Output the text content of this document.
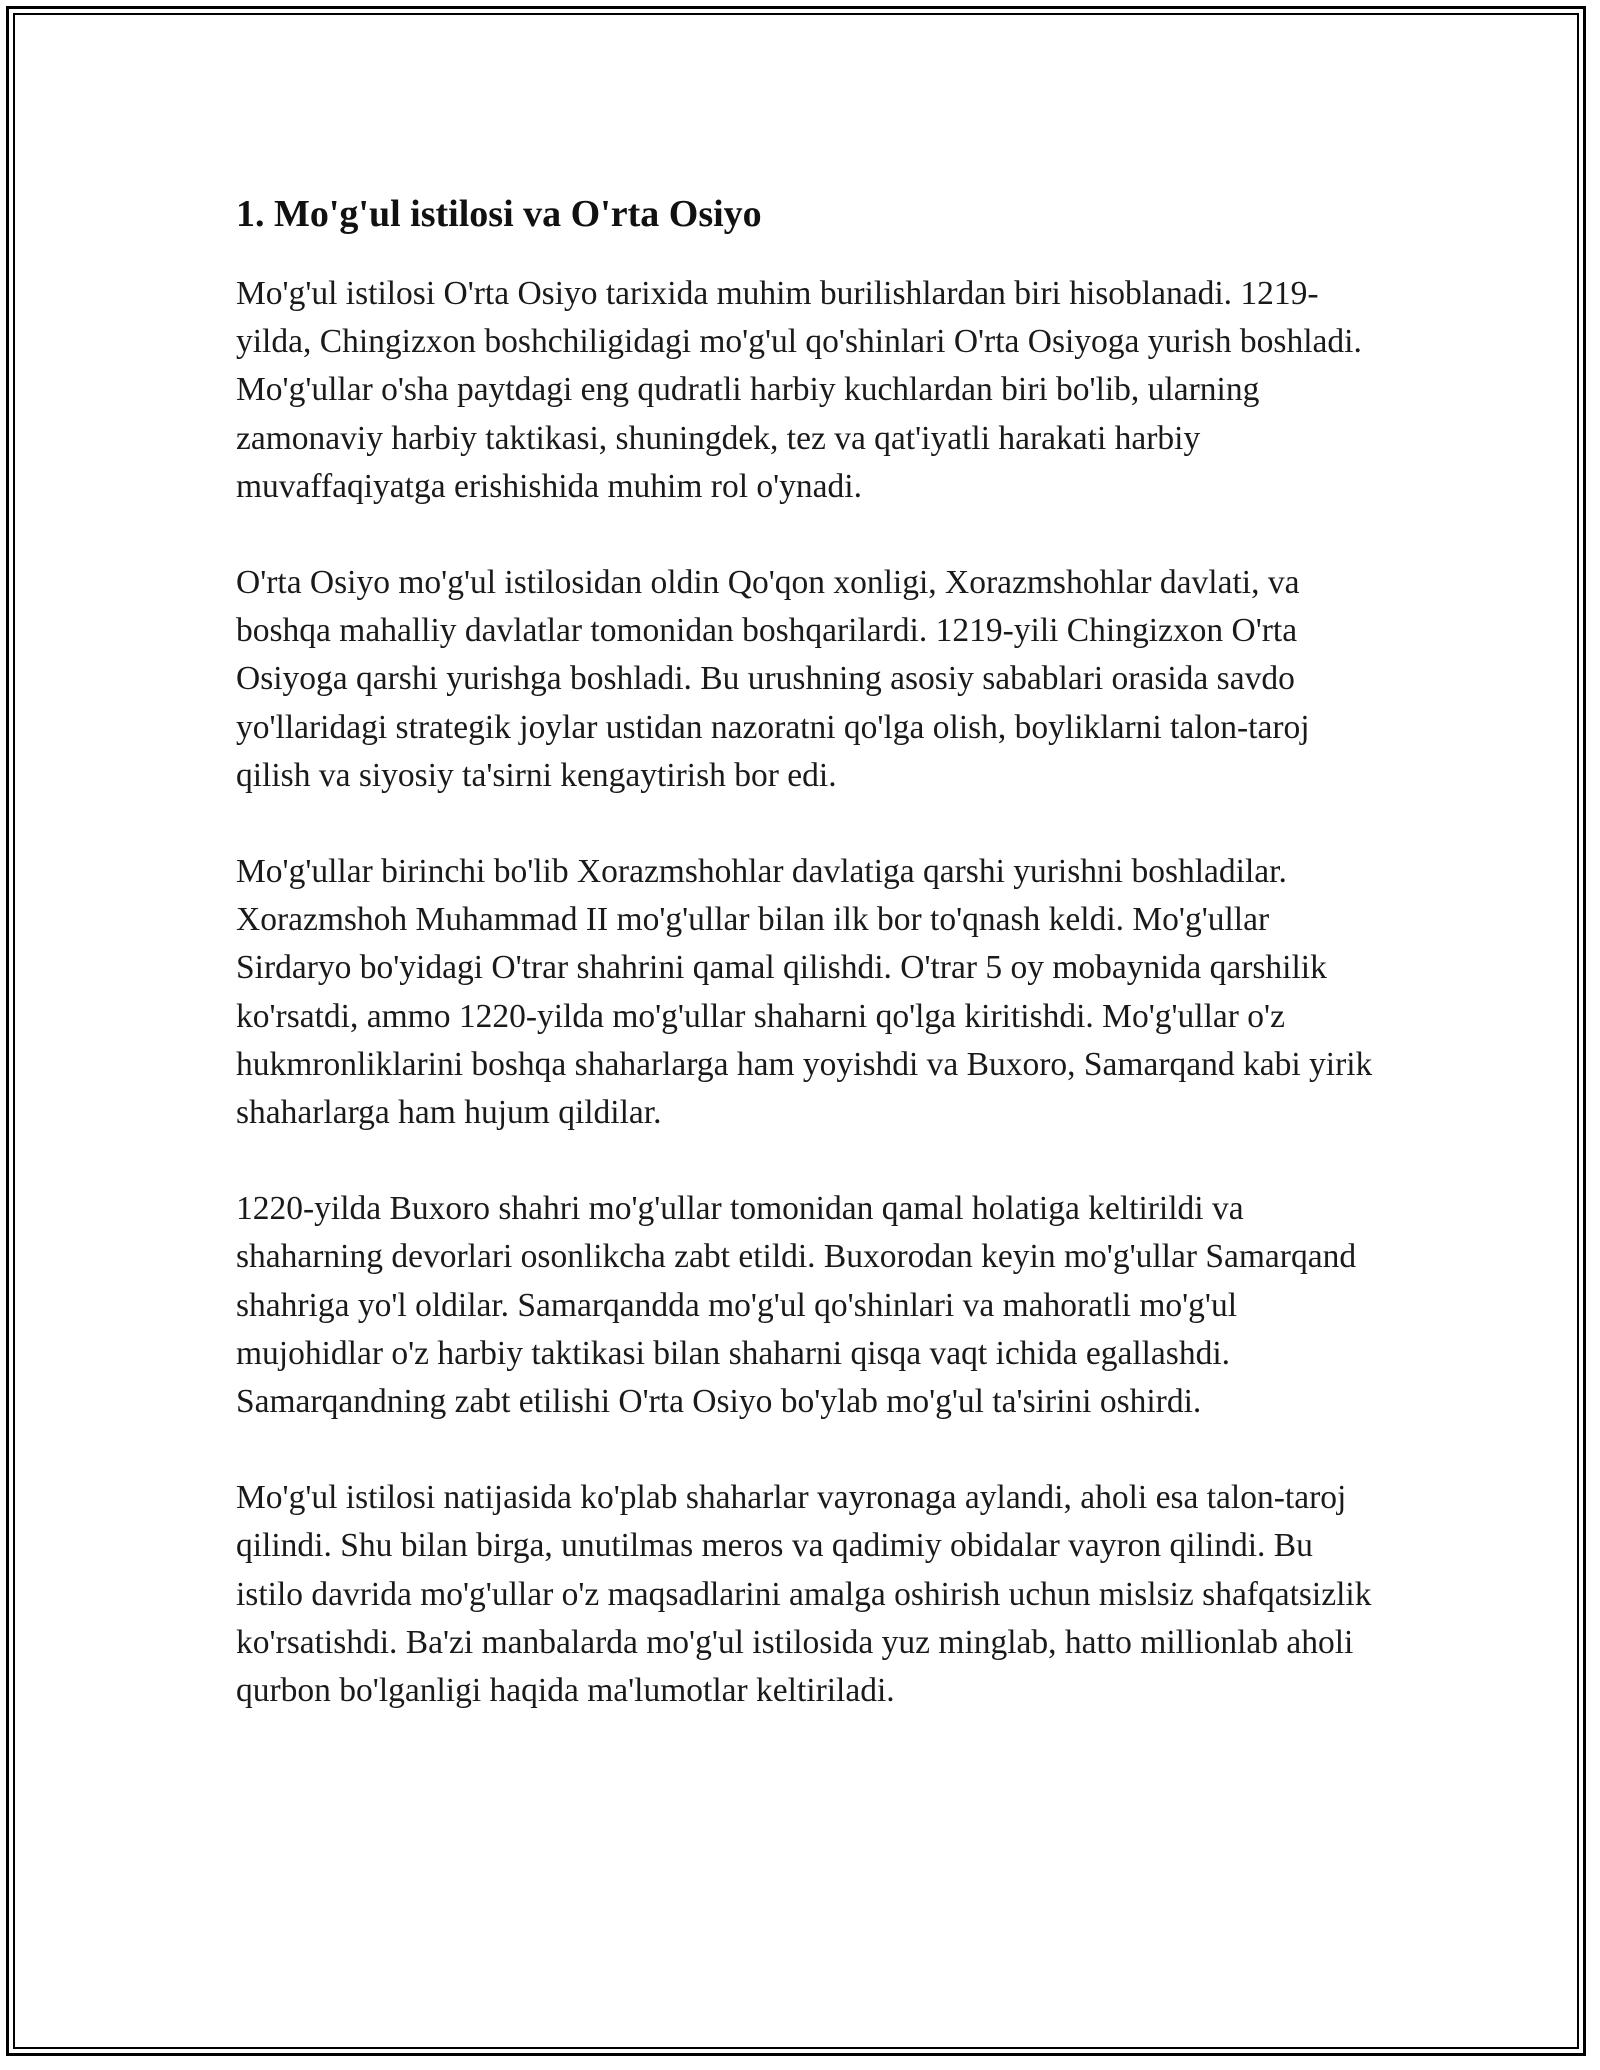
1. Mo'g'ul istilosi va O'rta Osiyo

Mo'g'ul istilosi O'rta Osiyo tarixida muhim burilishlardan biri hisoblanadi. 1219-yilda, Chingizxon boshchiligidagi mo'g'ul qo'shinlari O'rta Osiyoga yurish boshladi. Mo'g'ullar o'sha paytdagi eng qudratli harbiy kuchlardan biri bo'lib, ularning zamonaviy harbiy taktikasi, shuningdek, tez va qat'iyatli harakati harbiy muvaffaqiyatga erishishida muhim rol o'ynadi.

O'rta Osiyo mo'g'ul istilosidan oldin Qo'qon xonligi, Xorazmshohlar davlati, va boshqa mahalliy davlatlar tomonidan boshqarilardi. 1219-yili Chingizxon O'rta Osiyoga qarshi yurishga boshladi. Bu urushning asosiy sabablari orasida savdo yo'llaridagi strategik joylar ustidan nazoratni qo'lga olish, boyliklarni talon-taroj qilish va siyosiy ta'sirni kengaytirish bor edi.

Mo'g'ullar birinchi bo'lib Xorazmshohlar davlatiga qarshi yurishni boshladilar. Xorazmshoh Muhammad II mo'g'ullar bilan ilk bor to'qnash keldi. Mo'g'ullar Sirdaryo bo'yidagi O'trar shahrini qamal qilishdi. O'trar 5 oy mobaynida qarshilik ko'rsatdi, ammo 1220-yilda mo'g'ullar shaharni qo'lga kiritishdi. Mo'g'ullar o'z hukmronliklarini boshqa shaharlarga ham yoyishdi va Buxoro, Samarqand kabi yirik shaharlarga ham hujum qildilar.

1220-yilda Buxoro shahri mo'g'ullar tomonidan qamal holatiga keltirildi va shaharning devorlari osonlikcha zabt etildi. Buxorodan keyin mo'g'ullar Samarqand shahriga yo'l oldilar. Samarqandda mo'g'ul qo'shinlari va mahoratli mo'g'ul mujohidlar o'z harbiy taktikasi bilan shaharni qisqa vaqt ichida egallashdi. Samarqandning zabt etilishi O'rta Osiyo bo'ylab mo'g'ul ta'sirini oshirdi.

Mo'g'ul istilosi natijasida ko'plab shaharlar vayronaga aylandi, aholi esa talon-taroj qilindi. Shu bilan birga, unutilmas meros va qadimiy obidalar vayron qilindi. Bu istilo davrida mo'g'ullar o'z maqsadlarini amalga oshirish uchun mislsiz shafqatsizlik ko'rsatishdi. Ba'zi manbalarda mo'g'ul istilosida yuz minglab, hatto millionlab aholi qurbon bo'lganligi haqida ma'lumotlar keltiriladi.
